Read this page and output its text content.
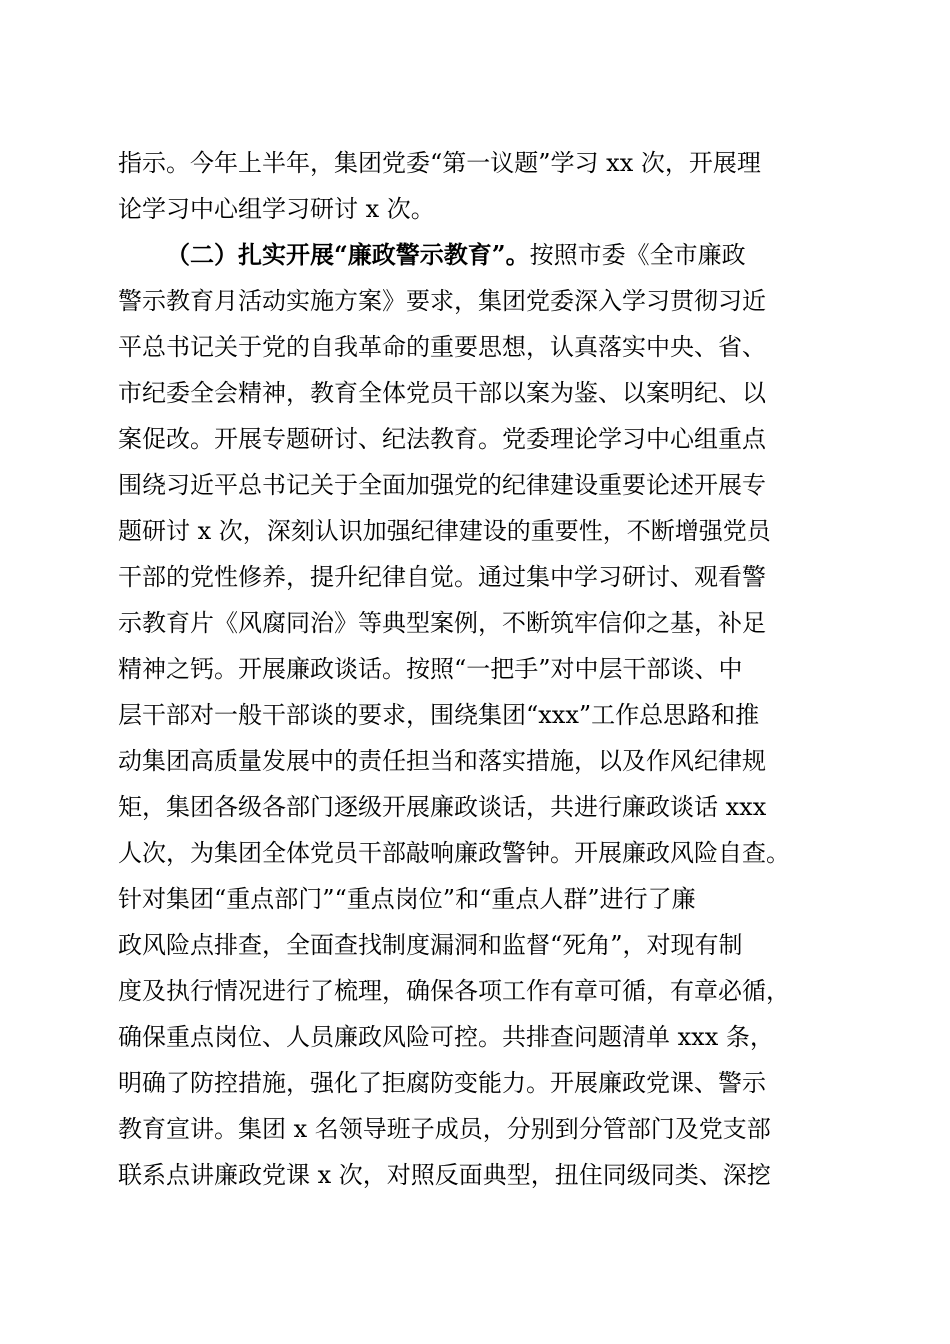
指示。今年上半年，集团党委“第一议题”学习 xx 次，开展理
论学习中心组学习研讨 x 次。
（二）扎实开展“廉政警示教育”。按照市委《全市廉政
警示教育月活动实施方案》要求，集团党委深入学习贯彻习近
平总书记关于党的自我革命的重要思想，认真落实中央、省、
市纪委全会精神，教育全体党员干部以案为鉴、以案明纪、以
案促改。开展专题研讨、纪法教育。党委理论学习中心组重点
围绕习近平总书记关于全面加强党的纪律建设重要论述开展专
题研讨 x 次，深刻认识加强纪律建设的重要性，不断增强党员
干部的党性修养，提升纪律自觉。通过集中学习研讨、观看警
示教育片《风腐同治》等典型案例，不断筑牢信仰之基，补足
精神之钙。开展廉政谈话。按照“一把手”对中层干部谈、中
层干部对一般干部谈的要求，围绕集团“xxx”工作总思路和推
动集团高质量发展中的责任担当和落实措施，以及作风纪律规
矩，集团各级各部门逐级开展廉政谈话，共进行廉政谈话 xxx
人次，为集团全体党员干部敲响廉政警钟。开展廉政风险自查。
针对集团“重点部门”“重点岗位”和“重点人群”进行了廉
政风险点排查，全面查找制度漏洞和监督“死角”，对现有制
度及执行情况进行了梳理，确保各项工作有章可循，有章必循，
确保重点岗位、人员廉政风险可控。共排查问题清单 xxx 条，
明确了防控措施，强化了拒腐防变能力。开展廉政党课、警示
教育宣讲。集团 x 名领导班子成员，分别到分管部门及党支部
联系点讲廉政党课 x 次，对照反面典型，扭住同级同类、深挖
